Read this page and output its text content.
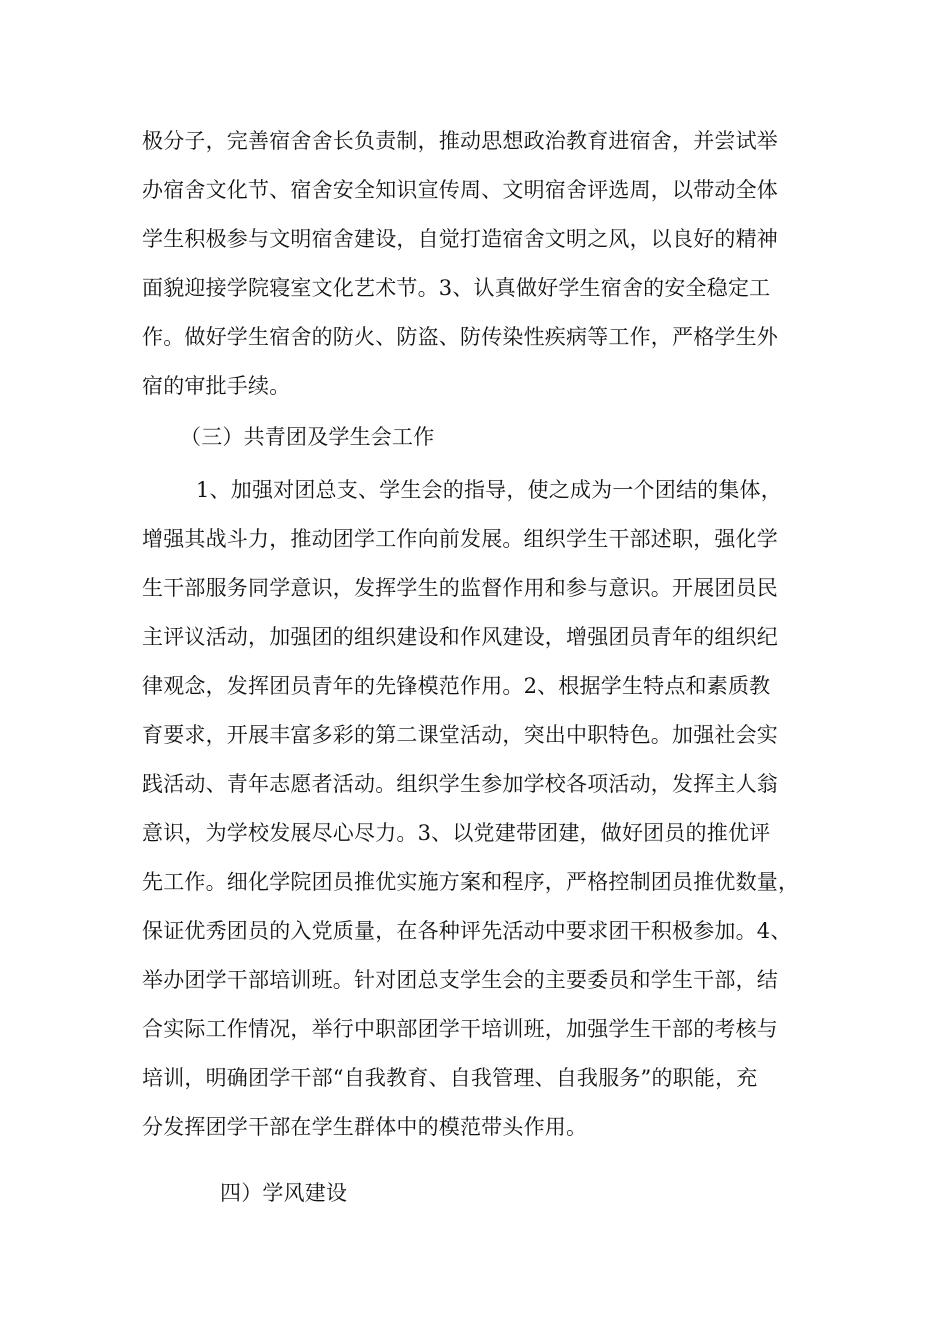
极分子，完善宿舍舍长负责制，推动思想政治教育进宿舍，并尝试举
办宿舍文化节、宿舍安全知识宣传周、文明宿舍评选周，以带动全体
学生积极参与文明宿舍建设，自觉打造宿舍文明之风，以良好的精神
面貌迎接学院寝室文化艺术节。3、认真做好学生宿舍的安全稳定工
作。做好学生宿舍的防火、防盗、防传染性疾病等工作，严格学生外
宿的审批手续。
（三）共青团及学生会工作
1、加强对团总支、学生会的指导，使之成为一个团结的集体，
增强其战斗力，推动团学工作向前发展。组织学生干部述职，强化学
生干部服务同学意识，发挥学生的监督作用和参与意识。开展团员民
主评议活动，加强团的组织建设和作风建设，增强团员青年的组织纪
律观念，发挥团员青年的先锋模范作用。2、根据学生特点和素质教
育要求，开展丰富多彩的第二课堂活动，突出中职特色。加强社会实
践活动、青年志愿者活动。组织学生参加学校各项活动，发挥主人翁
意识，为学校发展尽心尽力。3、以党建带团建，做好团员的推优评
先工作。细化学院团员推优实施方案和程序，严格控制团员推优数量，
保证优秀团员的入党质量，在各种评先活动中要求团干积极参加。4、
举办团学干部培训班。针对团总支学生会的主要委员和学生干部，结
合实际工作情况，举行中职部团学干培训班，加强学生干部的考核与
培训，明确团学干部“自我教育、自我管理、自我服务”的职能，充
分发挥团学干部在学生群体中的模范带头作用。
四）学风建设
